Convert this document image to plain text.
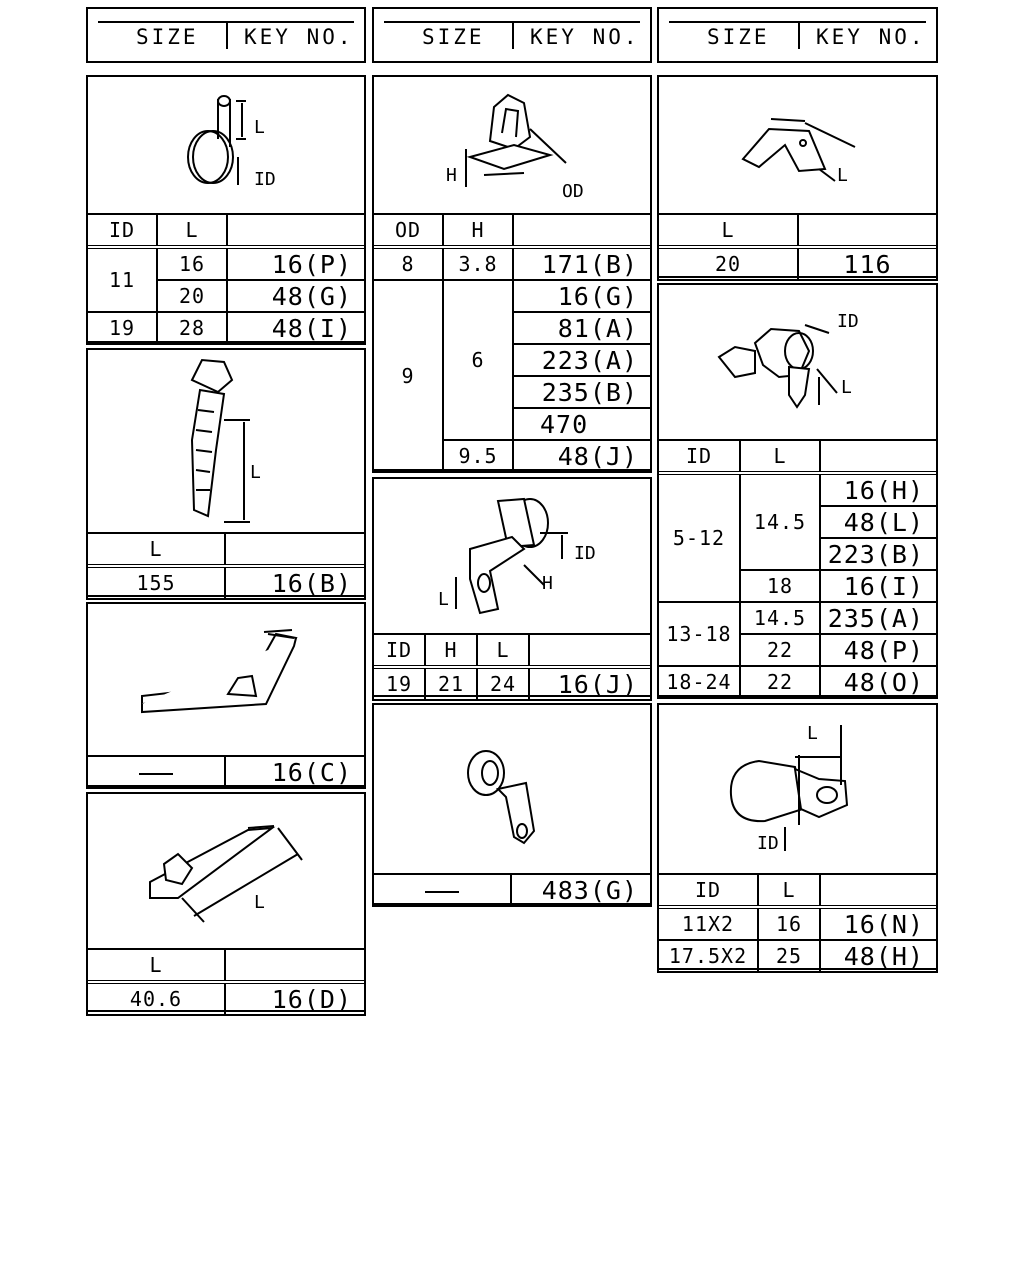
SIZE KEY NO.	SIZE KEY NO.	SIZE KEY NO.
L
ID
ID	L	
11	16	16(P)
	20	48(G)
19	28	48(I)
L
L	
155	16(B)
	16(C)
L
L	
40.6	16(D)
H
OD
OD	H	
8	3.8	171(B)
9	6	16(G)
		81(A)
		223(A)
		235(B)
		470
	9.5	48(J)
L
ID
H
ID	H	L	
19	21	24	16(J)
	483(G)
L
L	
20	116
ID
L
ID	L	
5-12	14.5	16(H)
		48(L)
		223(B)
	18	16(I)
13-18	14.5	235(A)
	22	48(P)
18-24	22	48(O)
L
ID
ID	L	
11X2	16	16(N)
17.5X2	25	48(H)
